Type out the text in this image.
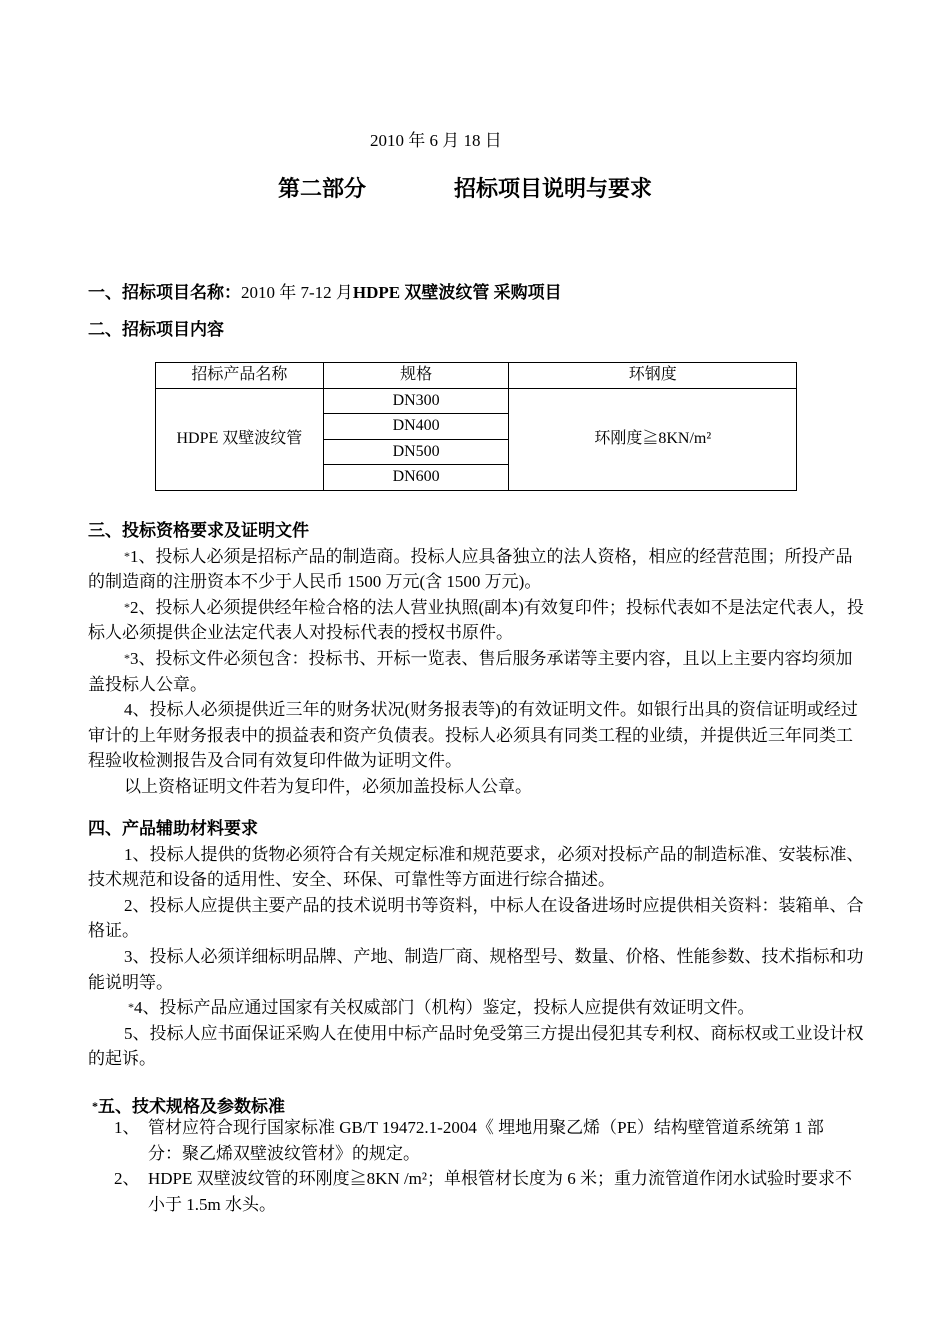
2010 年 6 月 18 日
第二部分	招标项目说明与要求
一、招标项目名称：2010 年 7-12 月HDPE 双壁波纹管 采购项目
二、招标项目内容
招标产品名称	规格	环钢度
HDPE 双壁波纹管	DN300	环刚度≧8KN/m²
	DN400	
	DN500	
	DN600	

三、投标资格要求及证明文件

*1、投标人必须是招标产品的制造商。投标人应具备独立的法人资格，相应的经营范围；所投产品的制造商的注册资本不少于人民币 1500 万元(含 1500 万元)。

*2、投标人必须提供经年检合格的法人营业执照(副本)有效复印件；投标代表如不是法定代表人，投标人必须提供企业法定代表人对投标代表的授权书原件。

*3、投标文件必须包含：投标书、开标一览表、售后服务承诺等主要内容，且以上主要内容均须加盖投标人公章。

4、投标人必须提供近三年的财务状况(财务报表等)的有效证明文件。如银行出具的资信证明或经过审计的上年财务报表中的损益表和资产负债表。投标人必须具有同类工程的业绩，并提供近三年同类工程验收检测报告及合同有效复印件做为证明文件。

以上资格证明文件若为复印件，必须加盖投标人公章。

四、产品辅助材料要求

1、投标人提供的货物必须符合有关规定标准和规范要求，必须对投标产品的制造标准、安装标准、技术规范和设备的适用性、安全、环保、可靠性等方面进行综合描述。

2、投标人应提供主要产品的技术说明书等资料，中标人在设备进场时应提供相关资料：装箱单、合格证。

3、投标人必须详细标明品牌、产地、制造厂商、规格型号、数量、价格、性能参数、技术指标和功能说明等。

*4、投标产品应通过国家有关权威部门（机构）鉴定，投标人应提供有效证明文件。

5、投标人应书面保证采购人在使用中标产品时免受第三方提出侵犯其专利权、商标权或工业设计权的起诉。

*五、技术规格及参数标准
1、 管材应符合现行国家标准 GB/T 19472.1-2004《 埋地用聚乙烯（PE）结构壁管道系统第 1 部分：聚乙烯双壁波纹管材》的规定。
2、 HDPE 双壁波纹管的环刚度≧8KN /m²；单根管材长度为 6 米；重力流管道作闭水试验时要求不小于 1.5m 水头。
